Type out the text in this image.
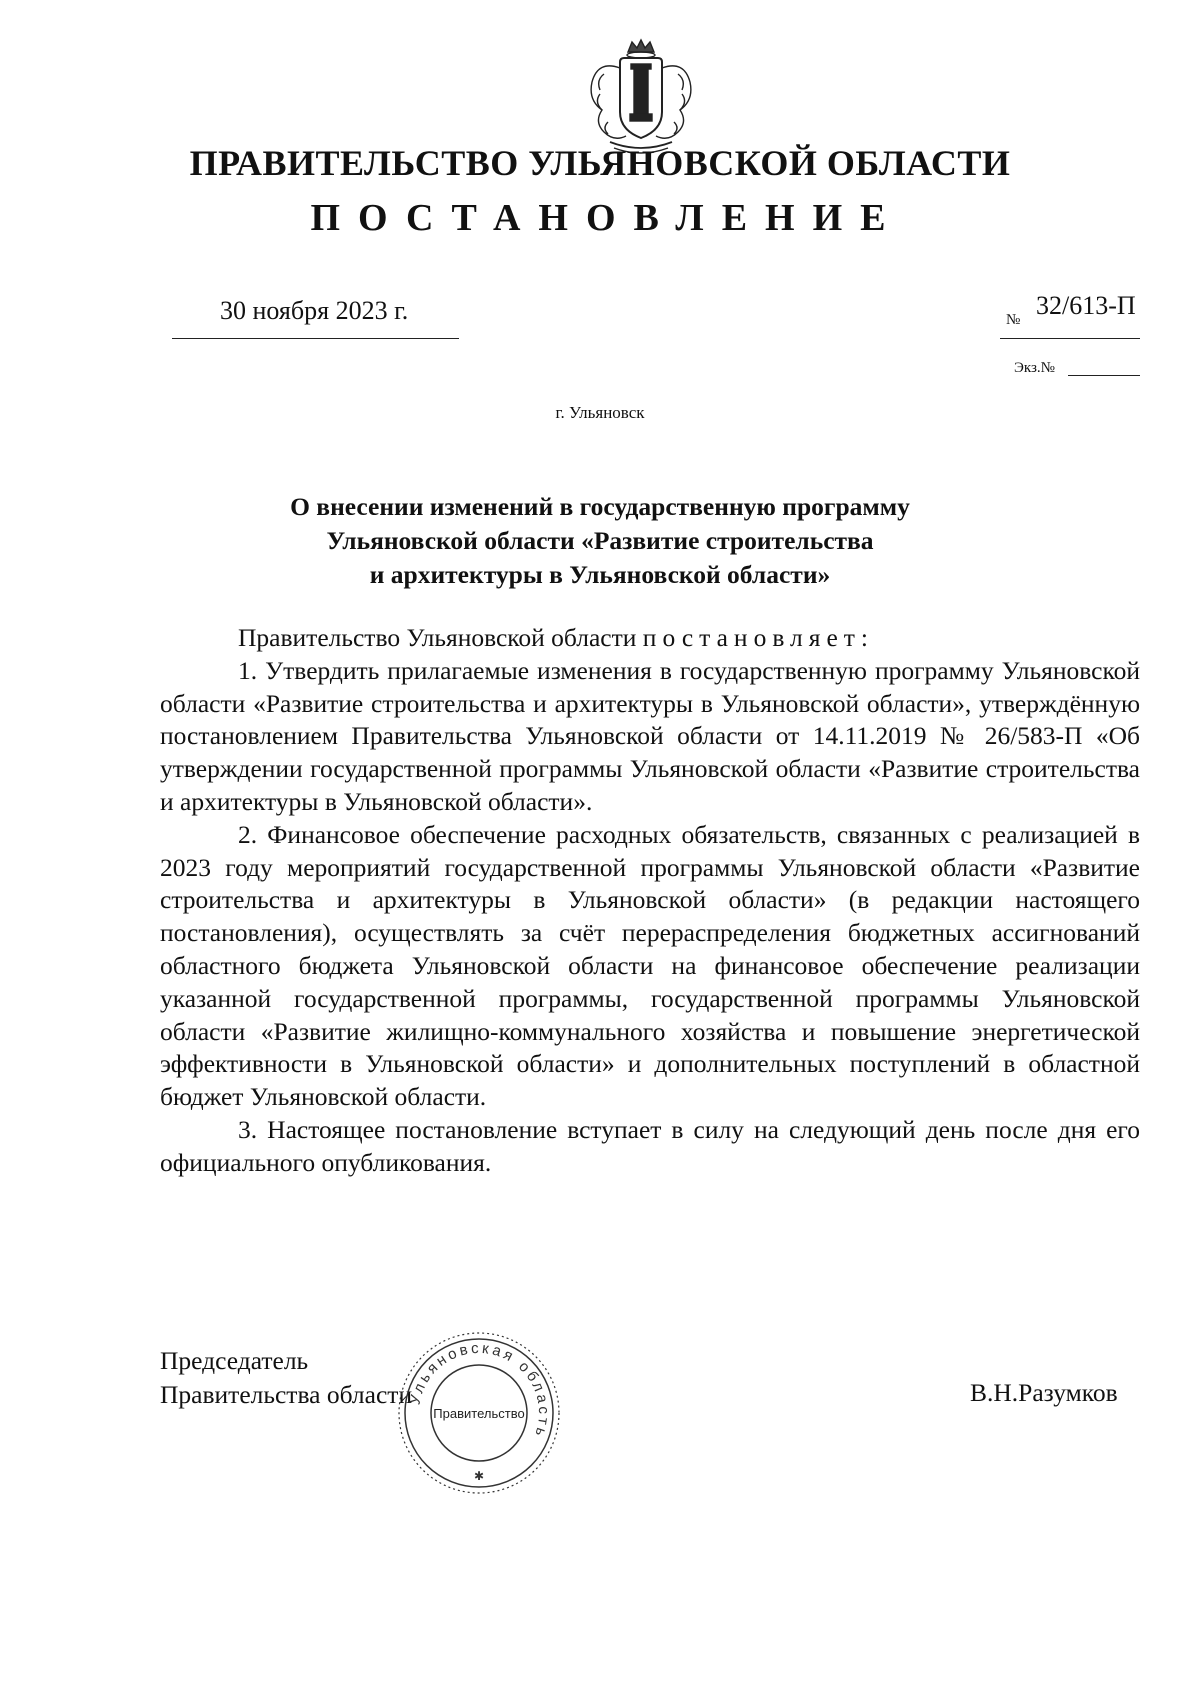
ПРАВИТЕЛЬСТВО УЛЬЯНОВСКОЙ ОБЛАСТИ
ПОСТАНОВЛЕНИЕ
30 ноября 2023 г.	№ 32/613-П
Экз.№
г. Ульяновск
О внесении изменений в государственную программу
Ульяновской области «Развитие строительства
и архитектуры в Ульяновской области»

Правительство Ульяновской области постановляет:

1. Утвердить прилагаемые изменения в государственную программу Ульяновской области «Развитие строительства и архитектуры в Ульяновской области», утверждённую постановлением Правительства Ульяновской области от 14.11.2019 № 26/583-П «Об утверждении государственной программы Ульяновской области «Развитие строительства и архитектуры в Ульяновской области».

2. Финансовое обеспечение расходных обязательств, связанных с реализацией в 2023 году мероприятий государственной программы Ульяновской области «Развитие строительства и архитектуры в Ульяновской области» (в редакции настоящего постановления), осуществлять за счёт перераспределения бюджетных ассигнований областного бюджета Ульяновской области на финансовое обеспечение реализации указанной государственной программы, государственной программы Ульяновской области «Развитие жилищно-коммунального хозяйства и повышение энергетической эффективности в Ульяновской области» и дополнительных поступлений в областной бюджет Ульяновской области.

3. Настоящее постановление вступает в силу на следующий день после дня его официального опубликования.

Председатель
Правительства области	В.Н.Разумков
Ульяновская область
Правительство
✱
